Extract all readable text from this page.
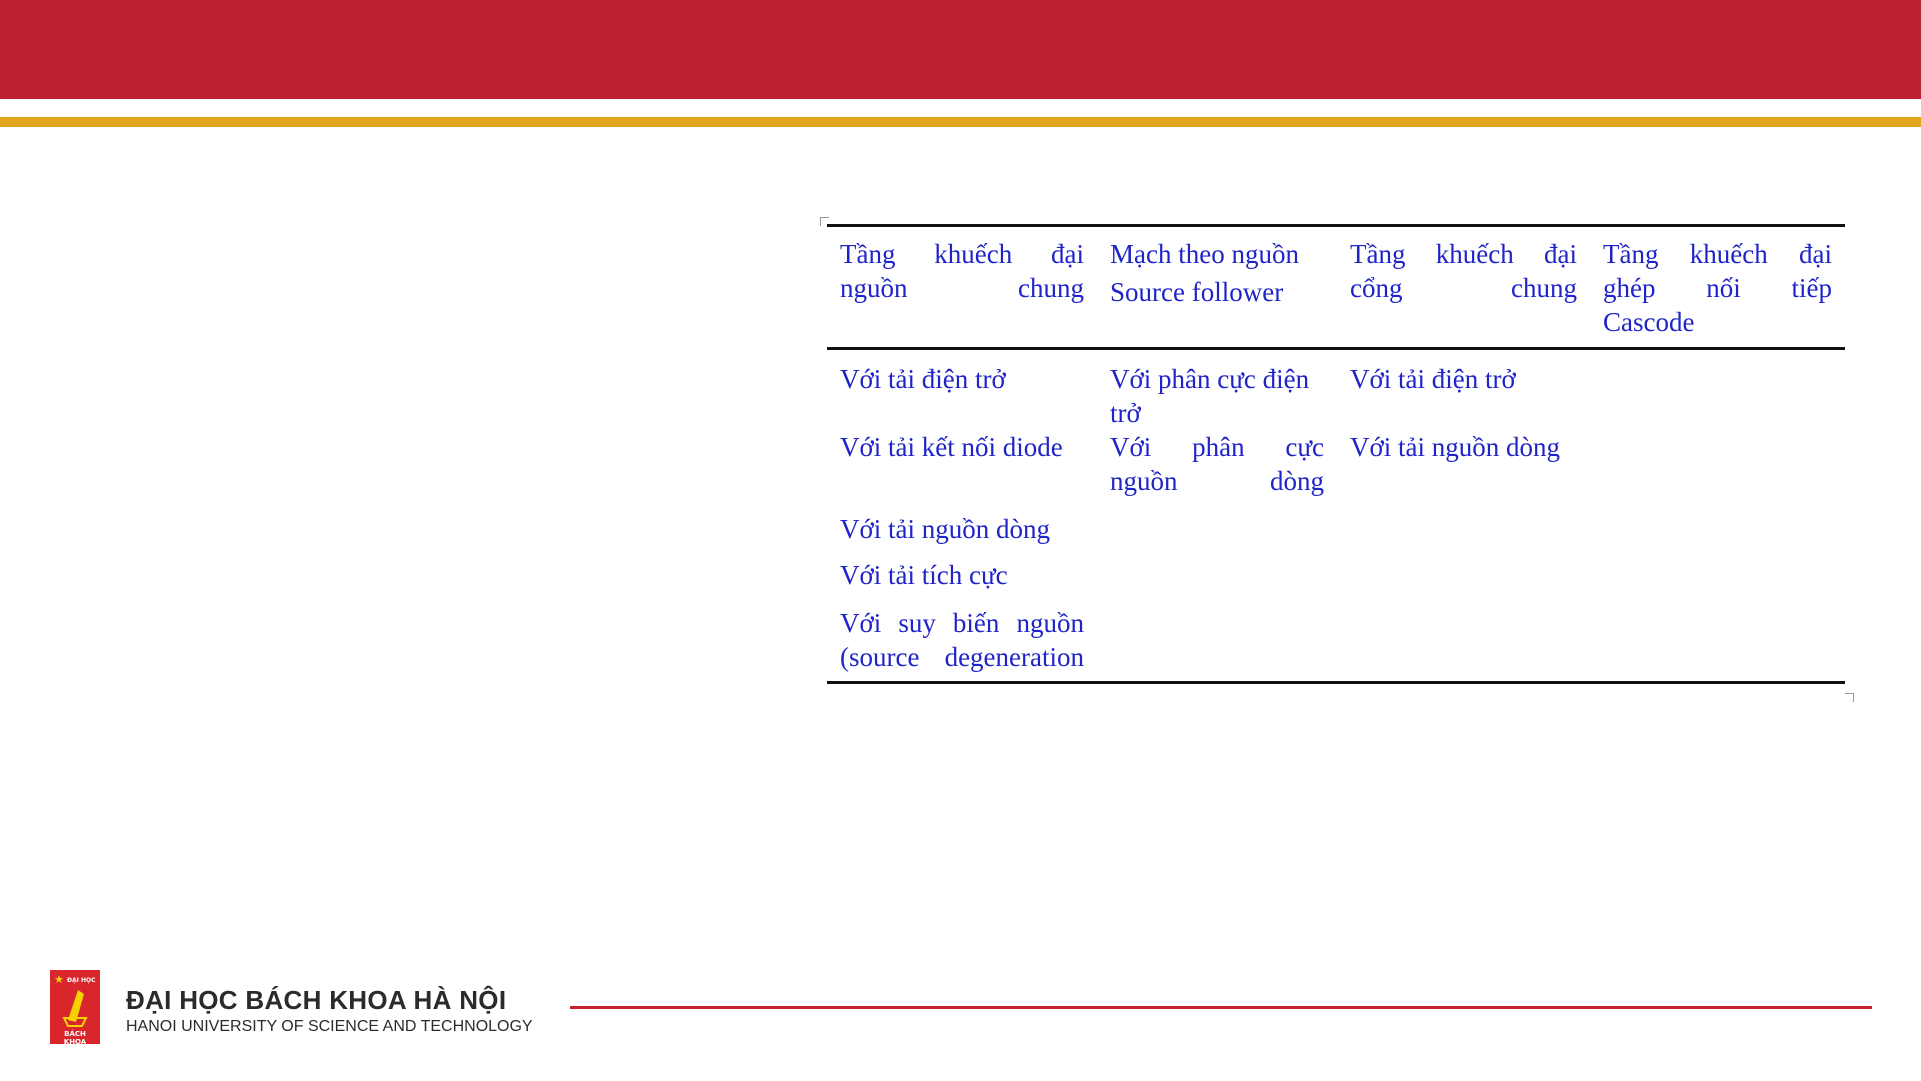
Tầng khuếch đại nguồn chung
Mạch theo nguồn
Source follower
Tầng khuếch đại cổng chung
Tầng khuếch đại ghép nối tiếp
Cascode
Với tải điện trở	Với phân cực điện trở
Với tải điện trở
Với tải kết nối diode	Với phân cực nguồn dòng
Với tải nguồn dòng
Với tải nguồn dòng
Với tải tích cực
Với suy biến nguồn (source degeneration
★ ĐẠI HỌC
BÁCH KHOA
ĐẠI HỌC BÁCH KHOA HÀ NỘI
HANOI UNIVERSITY OF SCIENCE AND TECHNOLOGY
